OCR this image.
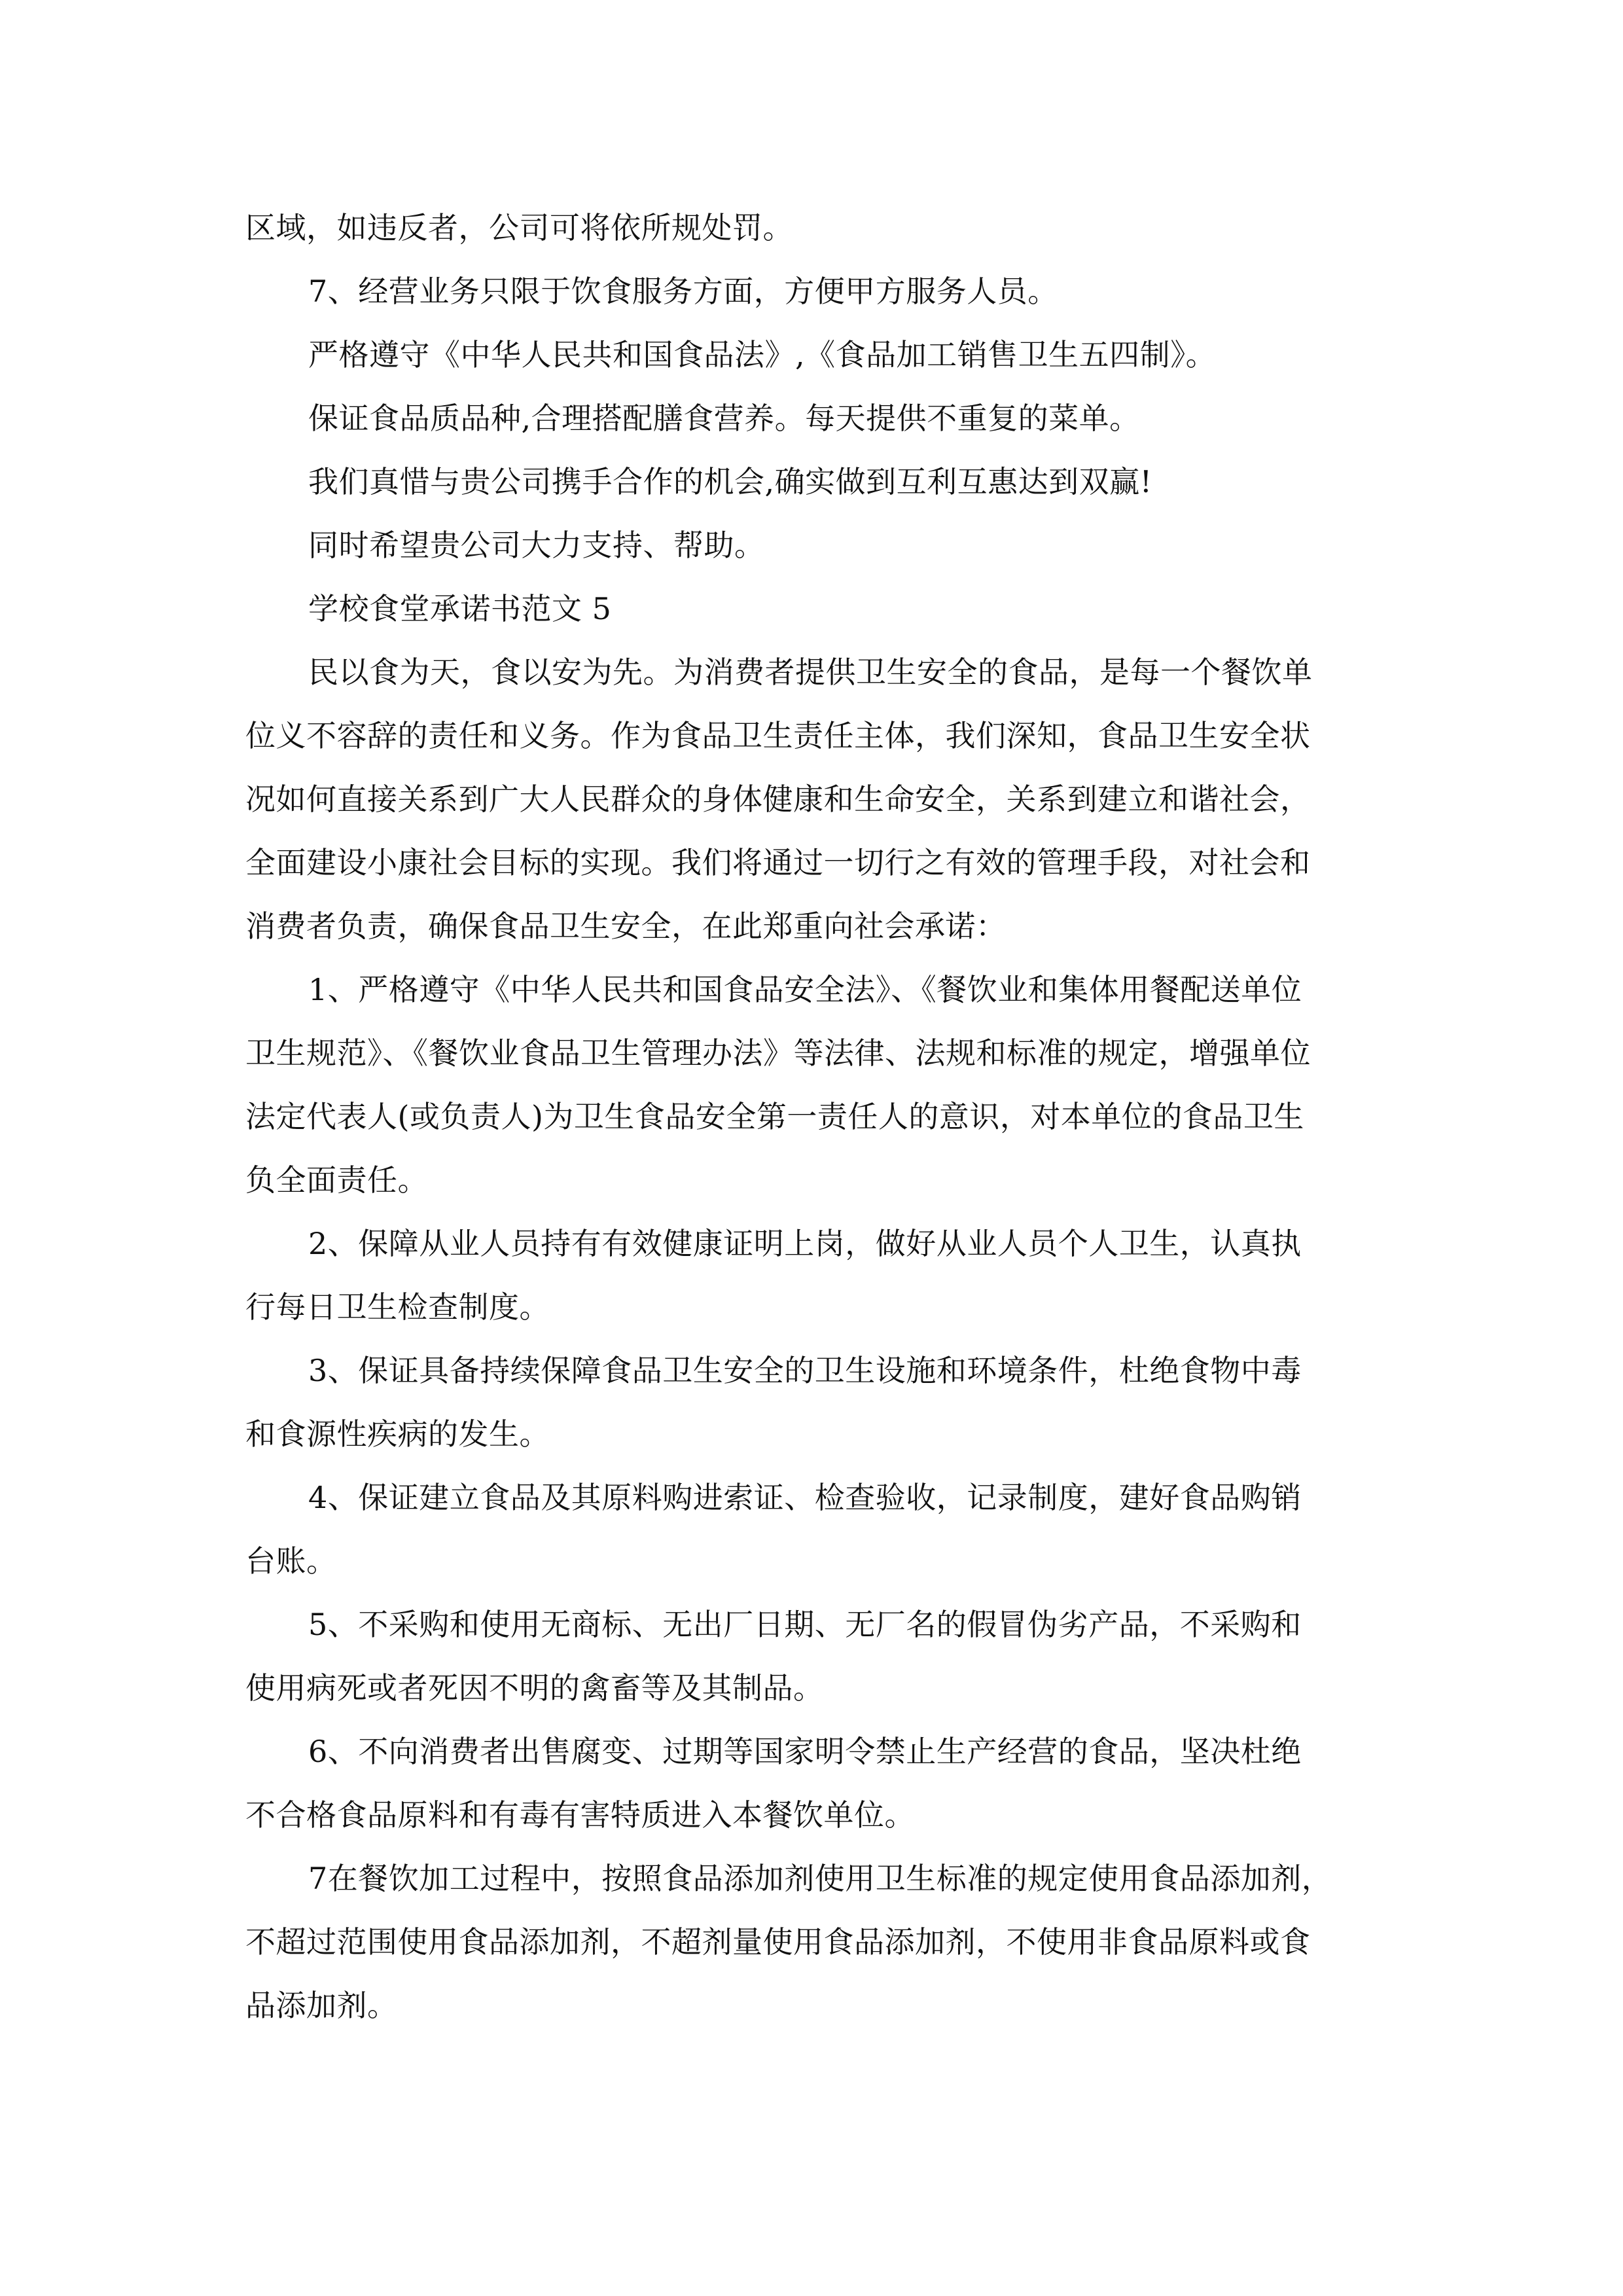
区域，如违反者，公司可将依所规处罚。
7、经营业务只限于饮食服务方面，方便甲方服务人员。
严格遵守《中华人民共和国食品法》,《食品加工销售卫生五四制》。
保证食品质品种,合理搭配膳食营养。每天提供不重复的菜单。
我们真惜与贵公司携手合作的机会,确实做到互利互惠达到双赢!
同时希望贵公司大力支持、帮助。
学校食堂承诺书范文 5
民以食为天，食以安为先。为消费者提供卫生安全的食品，是每一个餐饮单
位义不容辞的责任和义务。作为食品卫生责任主体，我们深知，食品卫生安全状
况如何直接关系到广大人民群众的身体健康和生命安全，关系到建立和谐社会，
全面建设小康社会目标的实现。我们将通过一切行之有效的管理手段，对社会和
消费者负责，确保食品卫生安全，在此郑重向社会承诺：
1、严格遵守《中华人民共和国食品安全法》、《餐饮业和集体用餐配送单位
卫生规范》、《餐饮业食品卫生管理办法》等法律、法规和标准的规定，增强单位
法定代表人(或负责人)为卫生食品安全第一责任人的意识，对本单位的食品卫生
负全面责任。
2、保障从业人员持有有效健康证明上岗，做好从业人员个人卫生，认真执
行每日卫生检查制度。
3、保证具备持续保障食品卫生安全的卫生设施和环境条件，杜绝食物中毒
和食源性疾病的发生。
4、保证建立食品及其原料购进索证、检查验收，记录制度，建好食品购销
台账。
5、不采购和使用无商标、无出厂日期、无厂名的假冒伪劣产品，不采购和
使用病死或者死因不明的禽畜等及其制品。
6、不向消费者出售腐变、过期等国家明令禁止生产经营的食品，坚决杜绝
不合格食品原料和有毒有害特质进入本餐饮单位。
7在餐饮加工过程中，按照食品添加剂使用卫生标准的规定使用食品添加剂，
不超过范围使用食品添加剂，不超剂量使用食品添加剂，不使用非食品原料或食
品添加剂。
